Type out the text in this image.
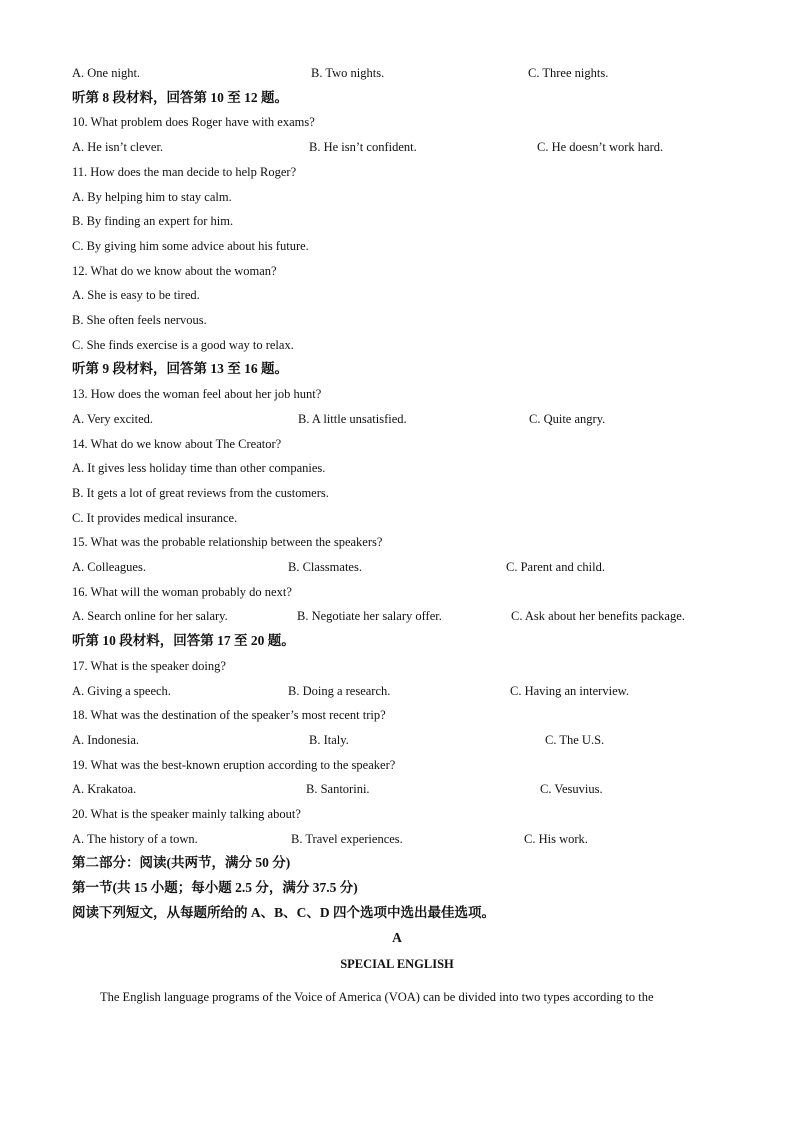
A. One night.	B. Two nights.	C. Three nights.
听第 8 段材料，回答第 10 至 12 题。
10. What problem does Roger have with exams?
A. He isn’t clever.	B. He isn’t confident.	C. He doesn’t work hard.
11. How does the man decide to help Roger?
A. By helping him to stay calm.
B. By finding an expert for him.
C. By giving him some advice about his future.
12. What do we know about the woman?
A. She is easy to be tired.
B. She often feels nervous.
C. She finds exercise is a good way to relax.
听第 9 段材料，回答第 13 至 16 题。
13. How does the woman feel about her job hunt?
A. Very excited.	B. A little unsatisfied.	C. Quite angry.
14. What do we know about The Creator?
A. It gives less holiday time than other companies.
B. It gets a lot of great reviews from the customers.
C. It provides medical insurance.
15. What was the probable relationship between the speakers?
A. Colleagues.	B. Classmates.	C. Parent and child.
16. What will the woman probably do next?
A. Search online for her salary.	B. Negotiate her salary offer.	C. Ask about her benefits package.
听第 10 段材料，回答第 17 至 20 题。
17. What is the speaker doing?
A. Giving a speech.	B. Doing a research.	C. Having an interview.
18. What was the destination of the speaker’s most recent trip?
A. Indonesia.	B. Italy.	C. The U.S.
19. What was the best-known eruption according to the speaker?
A. Krakatoa.	B. Santorini.	C. Vesuvius.
20. What is the speaker mainly talking about?
A. The history of a town.	B. Travel experiences.	C. His work.
第二部分：阅读(共两节，满分 50 分)
第一节(共 15 小题；每小题 2.5 分，满分 37.5 分)
阅读下列短文，从每题所给的 A、B、C、D 四个选项中选出最佳选项。
A
SPECIAL ENGLISH
The English language programs of the Voice of America (VOA) can be divided into two types according to the
